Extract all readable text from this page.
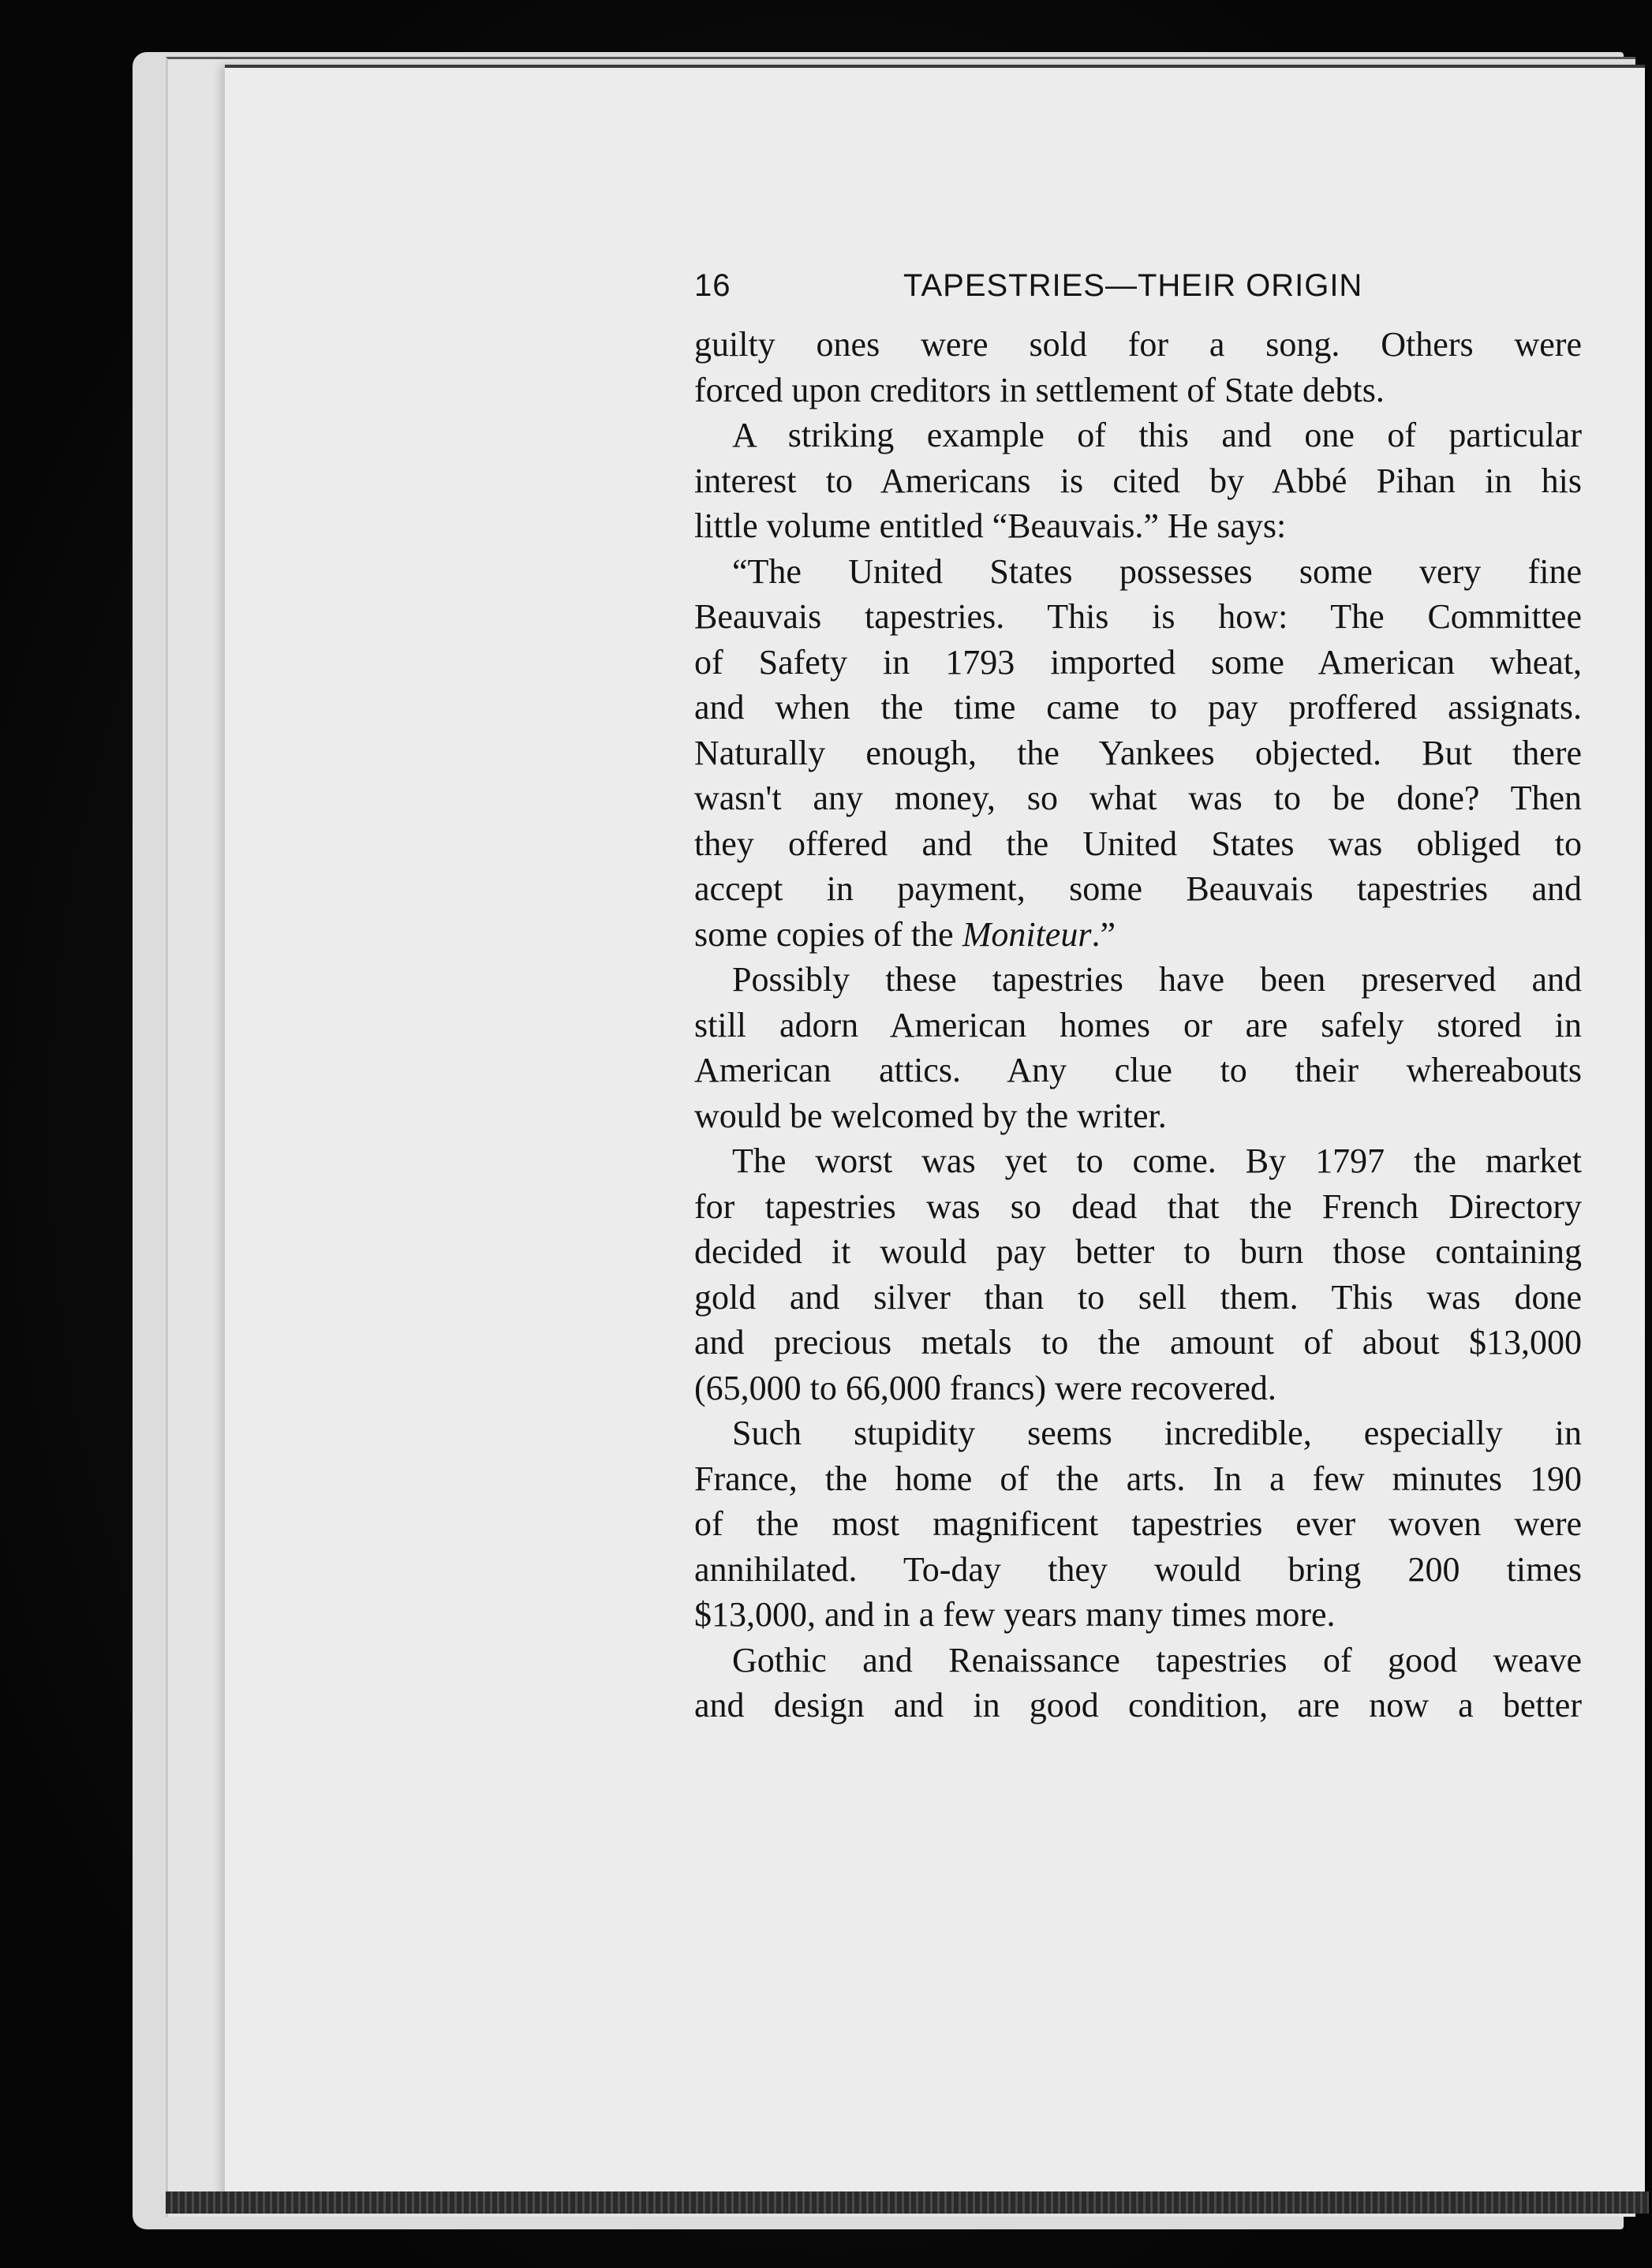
16	TAPESTRIES—THEIR ORIGIN
guilty ones were sold for a song. Others were
forced upon creditors in settlement of State debts.
A striking example of this and one of particular
interest to Americans is cited by Abbé Pihan in his
little volume entitled “Beauvais.” He says:
“The United States possesses some very fine
Beauvais tapestries. This is how: The Committee
of Safety in 1793 imported some American wheat,
and when the time came to pay proffered assignats.
Naturally enough, the Yankees objected. But there
wasn't any money, so what was to be done? Then
they offered and the United States was obliged to
accept in payment, some Beauvais tapestries and
some copies of the Moniteur.”
Possibly these tapestries have been preserved and
still adorn American homes or are safely stored in
American attics. Any clue to their whereabouts
would be welcomed by the writer.
The worst was yet to come. By 1797 the market
for tapestries was so dead that the French Directory
decided it would pay better to burn those containing
gold and silver than to sell them. This was done
and precious metals to the amount of about $13,000
(65,000 to 66,000 francs) were recovered.
Such stupidity seems incredible, especially in
France, the home of the arts. In a few minutes 190
of the most magnificent tapestries ever woven were
annihilated. To-day they would bring 200 times
$13,000, and in a few years many times more.
Gothic and Renaissance tapestries of good weave
and design and in good condition, are now a better
